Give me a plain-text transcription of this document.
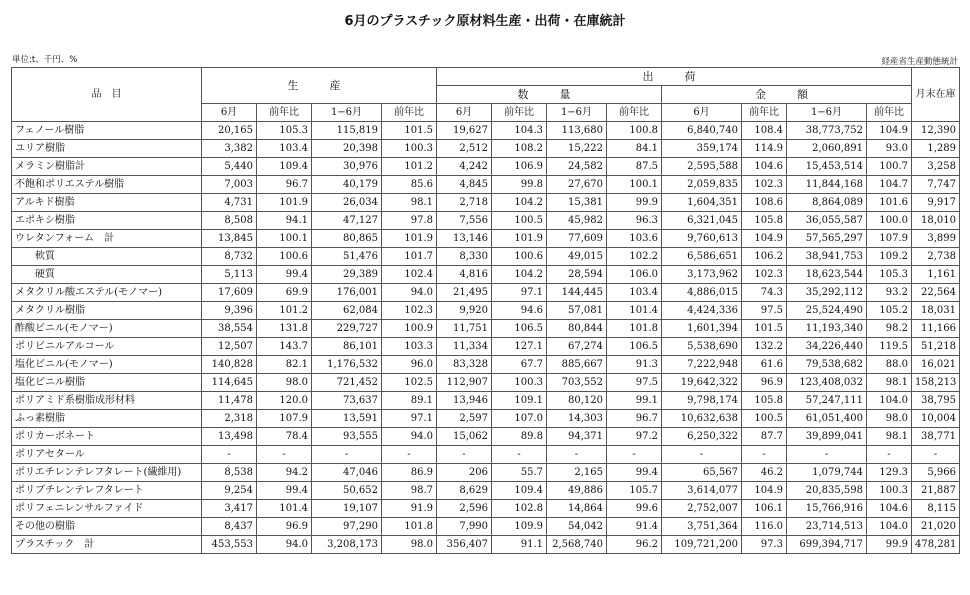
6月のプラスチック原材料生産・出荷・在庫統計
単位:t、千円、%	経産省生産動態統計
品　目	生　産				出　荷								月末在庫
					数　量				金　額				
	6月	前年比	1−6月	前年比	6月	前年比	1−6月	前年比	6月	前年比	1−6月	前年比	
フェノール樹脂	20,165	105.3	115,819	101.5	19,627	104.3	113,680	100.8	6,840,740	108.4	38,773,752	104.9	12,390
ユリア樹脂	3,382	103.4	20,398	100.3	2,512	108.2	15,222	84.1	359,174	114.9	2,060,891	93.0	1,289
メラミン樹脂計	5,440	109.4	30,976	101.2	4,242	106.9	24,582	87.5	2,595,588	104.6	15,453,514	100.7	3,258
不飽和ポリエステル樹脂	7,003	96.7	40,179	85.6	4,845	99.8	27,670	100.1	2,059,835	102.3	11,844,168	104.7	7,747
アルキド樹脂	4,731	101.9	26,034	98.1	2,718	104.2	15,381	99.9	1,604,351	108.6	8,864,089	101.6	9,917
エポキシ樹脂	8,508	94.1	47,127	97.8	7,556	100.5	45,982	96.3	6,321,045	105.8	36,055,587	100.0	18,010
ウレタンフォーム　計	13,845	100.1	80,865	101.9	13,146	101.9	77,609	103.6	9,760,613	104.9	57,565,297	107.9	3,899
　　軟質	8,732	100.6	51,476	101.7	8,330	100.6	49,015	102.2	6,586,651	106.2	38,941,753	109.2	2,738
　　硬質	5,113	99.4	29,389	102.4	4,816	104.2	28,594	106.0	3,173,962	102.3	18,623,544	105.3	1,161
メタクリル酸エステル(モノマー)	17,609	69.9	176,001	94.0	21,495	97.1	144,445	103.4	4,886,015	74.3	35,292,112	93.2	22,564
メタクリル樹脂	9,396	101.2	62,084	102.3	9,920	94.6	57,081	101.4	4,424,336	97.5	25,524,490	105.2	18,031
酢酸ビニル(モノマー)	38,554	131.8	229,727	100.9	11,751	106.5	80,844	101.8	1,601,394	101.5	11,193,340	98.2	11,166
ポリビニルアルコール	12,507	143.7	86,101	103.3	11,334	127.1	67,274	106.5	5,538,690	132.2	34,226,440	119.5	51,218
塩化ビニル(モノマー)	140,828	82.1	1,176,532	96.0	83,328	67.7	885,667	91.3	7,222,948	61.6	79,538,682	88.0	16,021
塩化ビニル樹脂	114,645	98.0	721,452	102.5	112,907	100.3	703,552	97.5	19,642,322	96.9	123,408,032	98.1	158,213
ポリアミド系樹脂成形材料	11,478	120.0	73,637	89.1	13,946	109.1	80,120	99.1	9,798,174	105.8	57,247,111	104.0	38,795
ふっ素樹脂	2,318	107.9	13,591	97.1	2,597	107.0	14,303	96.7	10,632,638	100.5	61,051,400	98.0	10,004
ポリカーボネート	13,498	78.4	93,555	94.0	15,062	89.8	94,371	97.2	6,250,322	87.7	39,899,041	98.1	38,771
ポリアセタール	-	-	-	-	-	-	-	-	-	-	-	-	-
ポリエチレンテレフタレート(繊維用)	8,538	94.2	47,046	86.9	206	55.7	2,165	99.4	65,567	46.2	1,079,744	129.3	5,966
ポリブチレンテレフタレート	9,254	99.4	50,652	98.7	8,629	109.4	49,886	105.7	3,614,077	104.9	20,835,598	100.3	21,887
ポリフェニレンサルファイド	3,417	101.4	19,107	91.9	2,596	102.8	14,864	99.6	2,752,007	106.1	15,766,916	104.6	8,115
その他の樹脂	8,437	96.9	97,290	101.8	7,990	109.9	54,042	91.4	3,751,364	116.0	23,714,513	104.0	21,020
プラスチック　計	453,553	94.0	3,208,173	98.0	356,407	91.1	2,568,740	96.2	109,721,200	97.3	699,394,717	99.9	478,281
